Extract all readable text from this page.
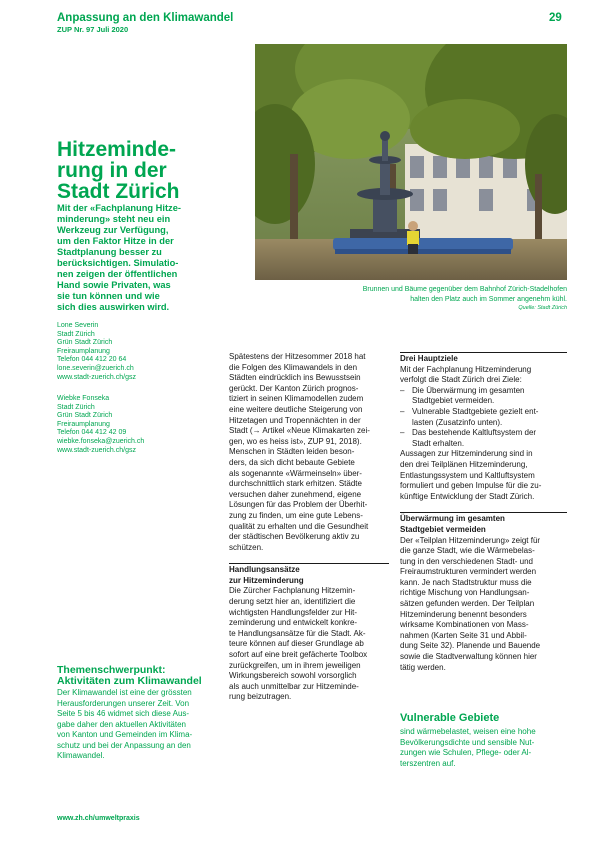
Anpassung an den Klimawandel
ZUP Nr. 97 Juli 2020
29
Brunnen und Bäume gegenüber dem Bahnhof Zürich-Stadelhofen
halten den Platz auch im Sommer angenehm kühl.
Quelle: Stadt Zürich
Hitzeminde-
rung in der
Stadt Zürich
Mit der «Fachplanung Hitze-
minderung» steht neu ein
Werkzeug zur Verfügung,
um den Faktor Hitze in der
Stadtplanung besser zu
berücksichtigen. Simulatio-
nen zeigen der öffentlichen
Hand sowie Privaten, was
sie tun können und wie
sich dies auswirken wird.
Lone Severin
Stadt Zürich
Grün Stadt Zürich
Freiraumplanung
Telefon 044 412 20 64
lone.severin@zuerich.ch
www.stadt-zuerich.ch/gsz
Wiebke Fonseka
Stadt Zürich
Grün Stadt Zürich
Freiraumplanung
Telefon 044 412 42 09
wiebke.fonseka@zuerich.ch
www.stadt-zuerich.ch/gsz
Themenschwerpunkt:
Aktivitäten zum Klimawandel
Der Klimawandel ist eine der grössten
Herausforderungen unserer Zeit. Von
Seite 5 bis 46 widmet sich diese Aus-
gabe daher den aktuellen Aktivitäten
von Kanton und Gemeinden im Klima-
schutz und bei der Anpassung an den
Klimawandel.
Spätestens der Hitzesommer 2018 hat
die Folgen des Klimawandels in den
Städten eindrücklich ins Bewusstsein
gerückt. Der Kanton Zürich prognos-
tiziert in seinen Klimamodellen zudem
eine weitere deutliche Steigerung von
Hitzetagen und Tropennächten in der
Stadt (→ Artikel «Neue Klimakarten zei-
gen, wo es heiss ist», ZUP 91, 2018).
Menschen in Städten leiden beson-
ders, da sich dicht bebaute Gebiete
als sogenannte «Wärmeinseln» über-
durchschnittlich stark erhitzen. Städte
versuchen daher zunehmend, eigene
Lösungen für das Problem der Überhit-
zung zu finden, um eine gute Lebens-
qualität zu erhalten und die Gesundheit
der städtischen Bevölkerung aktiv zu
schützen.
Handlungsansätze
zur Hitzeminderung
Die Zürcher Fachplanung Hitzemin-
derung setzt hier an, identifiziert die
wichtigsten Handlungsfelder zur Hit-
zeminderung und entwickelt konkre-
te Handlungsansätze für die Stadt. Ak-
teure können auf dieser Grundlage ab
sofort auf eine breit gefächerte Toolbox
zurückgreifen, um in ihrem jeweiligen
Wirkungsbereich sowohl vorsorglich
als auch unmittelbar zur Hitzeminde-
rung beizutragen.
Drei Hauptziele
Mit der Fachplanung Hitzeminderung
verfolgt die Stadt Zürich drei Ziele:
– Die Überwärmung im gesamten
Stadtgebiet vermeiden.
– Vulnerable Stadtgebiete gezielt ent-
lasten (Zusatzinfo unten).
– Das bestehende Kaltluftsystem der
Stadt erhalten.
Aussagen zur Hitzeminderung sind in
den drei Teilplänen Hitzeminderung,
Entlastungssystem und Kaltluftsystem
formuliert und geben Impulse für die zu-
künftige Entwicklung der Stadt Zürich.
Überwärmung im gesamten
Stadtgebiet vermeiden
Der «Teilplan Hitzeminderung» zeigt für
die ganze Stadt, wie die Wärmebelas-
tung in den verschiedenen Stadt- und
Freiraumstrukturen vermindert werden
kann. Je nach Stadtstruktur muss die
richtige Mischung von Handlungsan-
sätzen gefunden werden. Der Teilplan
Hitzeminderung benennt besonders
wirksame Kombinationen von Mass-
nahmen (Karten Seite 31 und Abbil-
dung Seite 32). Planende und Bauende
sowie die Stadtverwaltung können hier
tätig werden.
Vulnerable Gebiete
sind wärmebelastet, weisen eine hohe
Bevölkerungsdichte und sensible Nut-
zungen wie Schulen, Pflege- oder Al-
terszentren auf.
www.zh.ch/umweltpraxis
